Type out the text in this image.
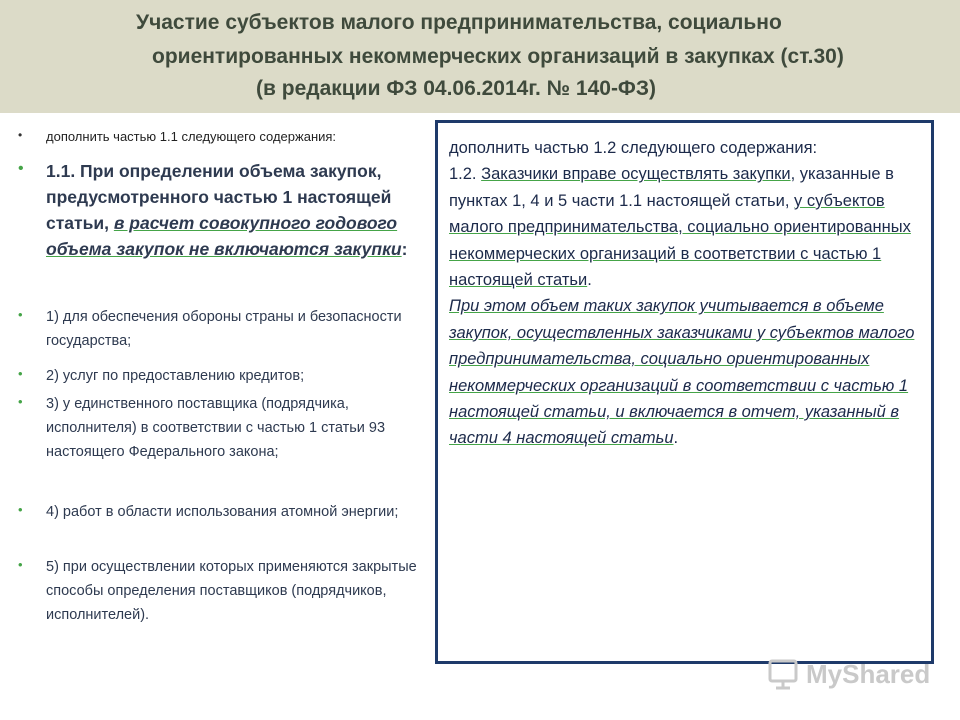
Участие субъектов малого предпринимательства, социально
ориентированных некоммерческих организаций в закупках (ст.30)
(в редакции ФЗ 04.06.2014г. № 140-ФЗ)
• дополнить частью 1.1 следующего содержания:
• 1.1. При определении объема закупок, предусмотренного частью 1 настоящей статьи, в расчет совокупного годового объема закупок не включаются закупки:
• 1) для обеспечения обороны страны и безопасности государства;
• 2) услуг по предоставлению кредитов;
• 3) у единственного поставщика (подрядчика, исполнителя) в соответствии с частью 1 статьи 93 настоящего Федерального закона;
• 4) работ в области использования атомной энергии;
• 5) при осуществлении которых применяются закрытые способы определения поставщиков (подрядчиков, исполнителей).

дополнить частью 1.2 следующего содержания:

1.2. Заказчики вправе осуществлять закупки, указанные в пунктах 1, 4 и 5 части 1.1 настоящей статьи, у субъектов малого предпринимательства, социально ориентированных некоммерческих организаций в соответствии с частью 1 настоящей статьи.

При этом объем таких закупок учитывается в объеме закупок, осуществленных заказчиками у субъектов малого предпринимательства, социально ориентированных некоммерческих организаций в соответствии с частью 1 настоящей статьи, и включается в отчет, указанный в части 4 настоящей статьи.

MyShared
